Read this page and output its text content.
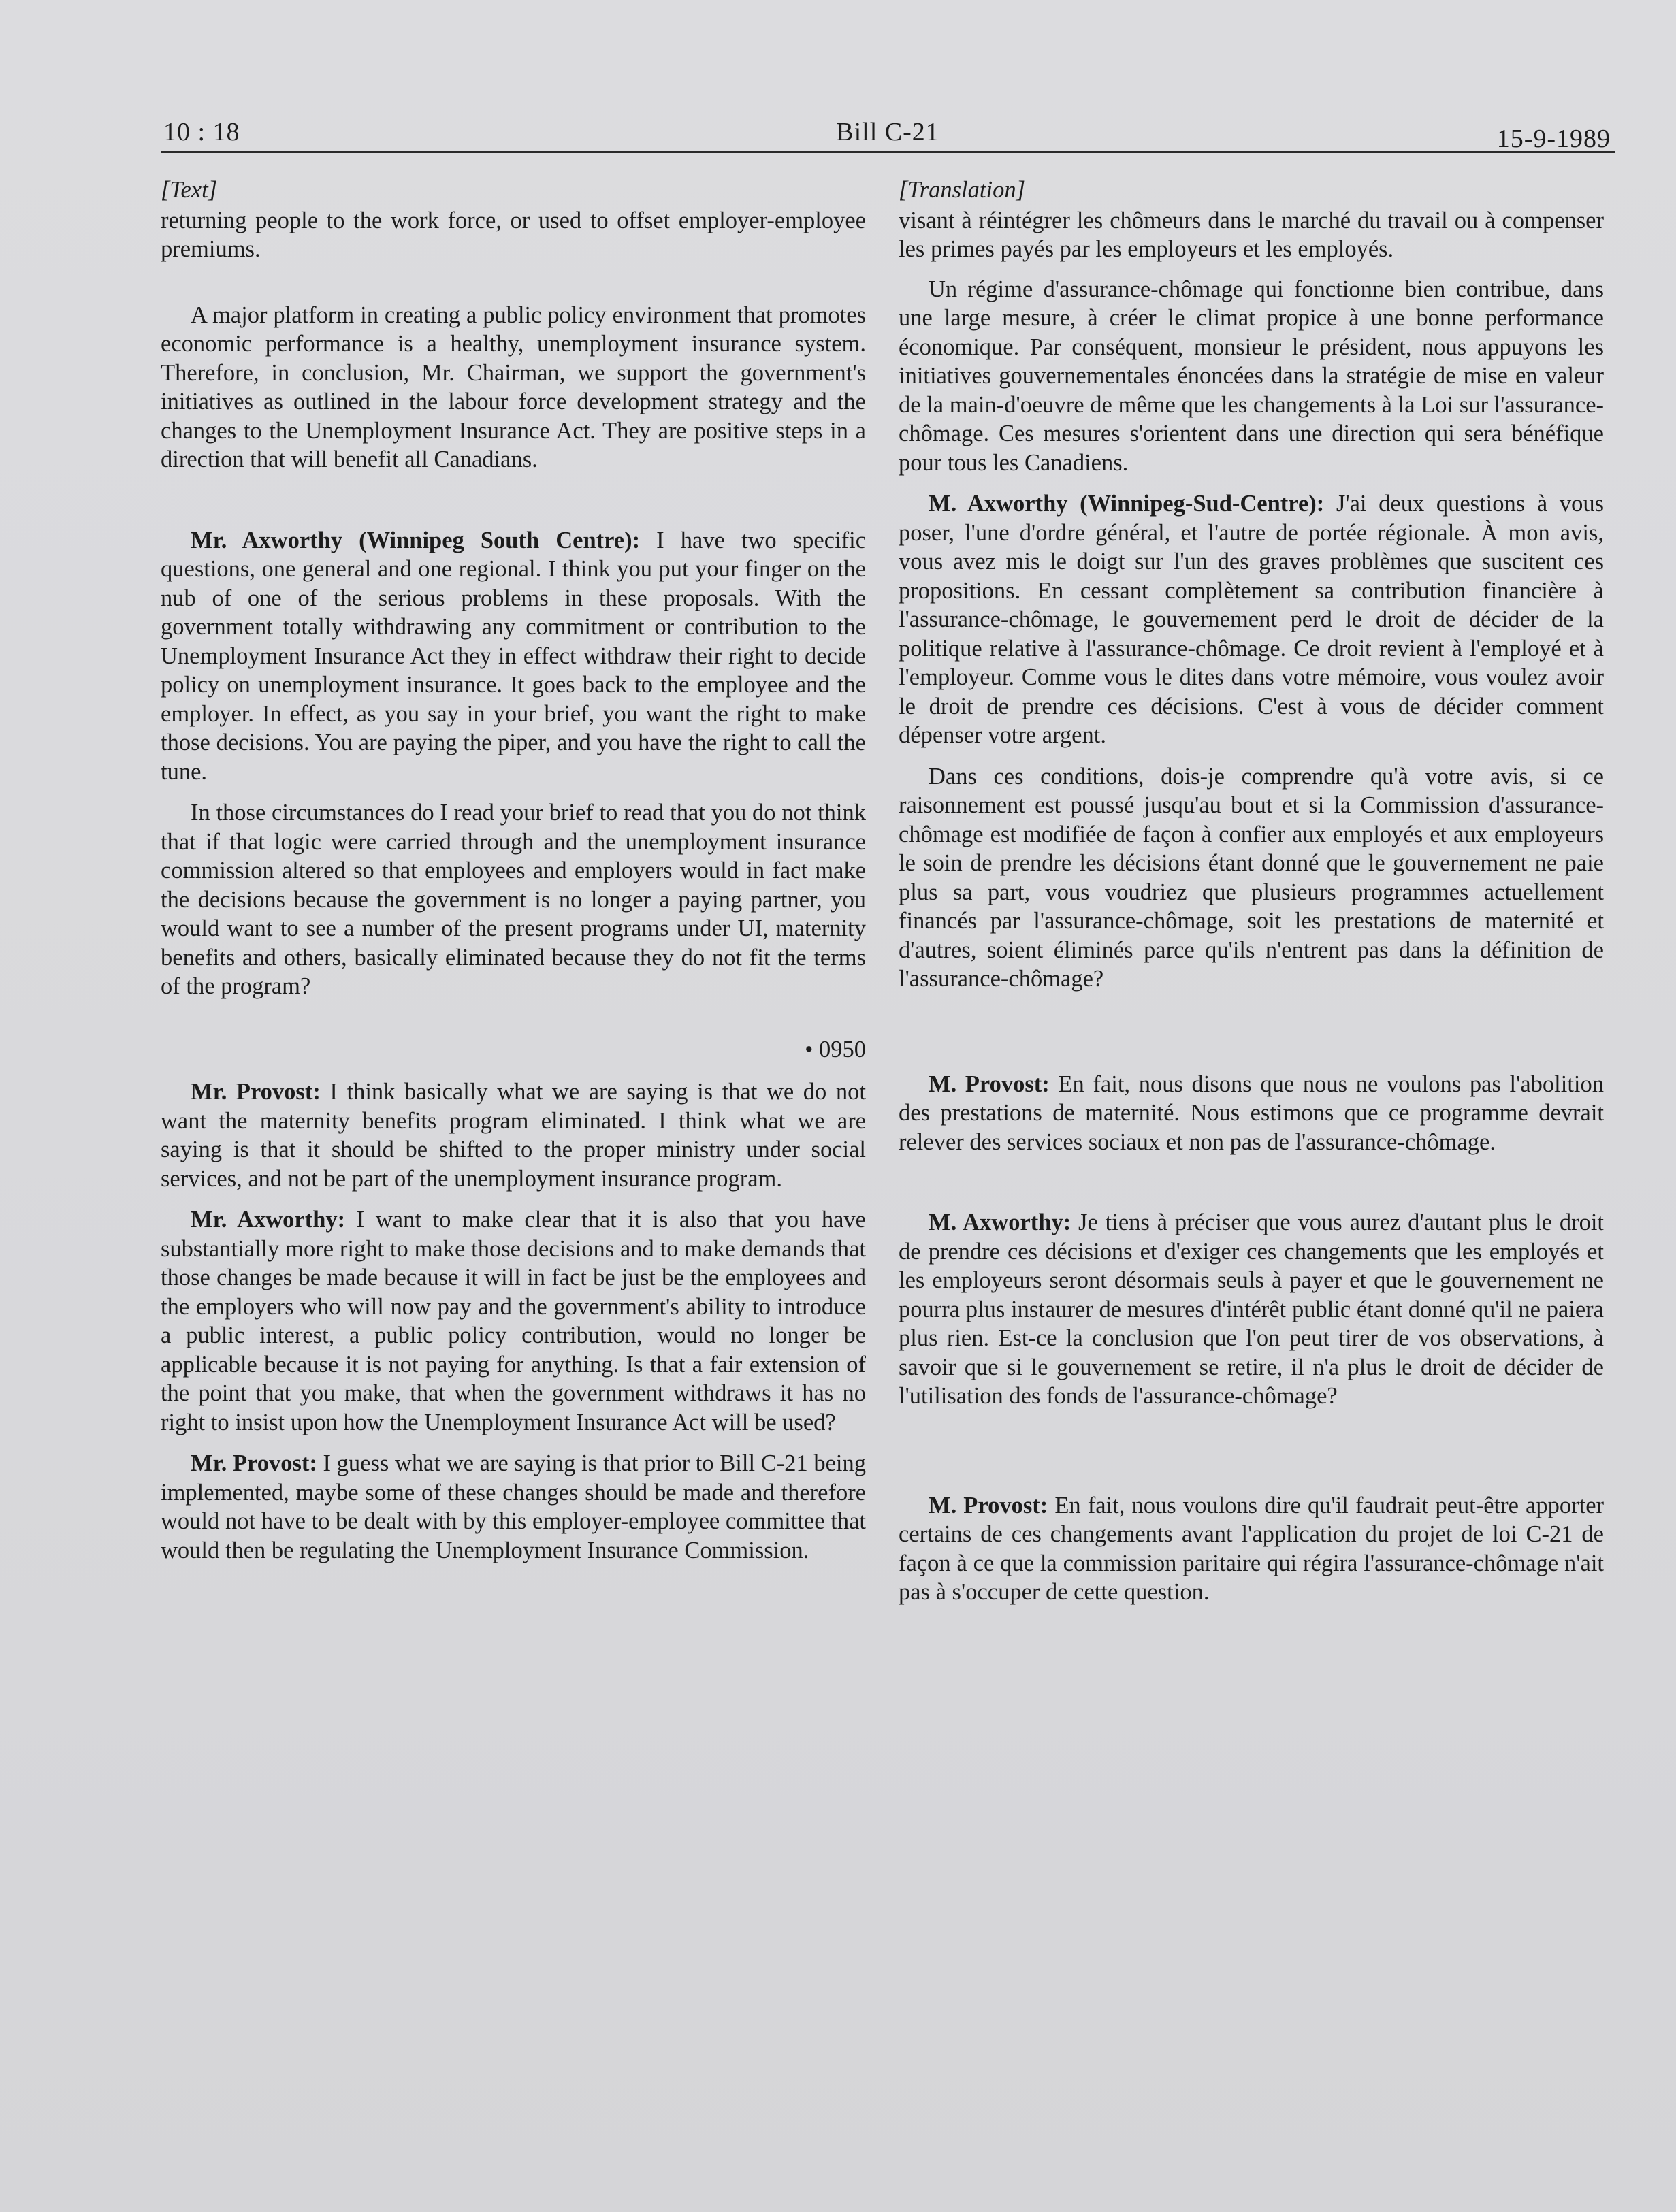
10 : 18	Bill C-21	15-9-1989

[Text]

returning people to the work force, or used to offset employer-employee premiums.

A major platform in creating a public policy environment that promotes economic performance is a healthy, unemployment insurance system. Therefore, in conclusion, Mr. Chairman, we support the government's initiatives as outlined in the labour force development strategy and the changes to the Unemployment Insurance Act. They are positive steps in a direction that will benefit all Canadians.

Mr. Axworthy (Winnipeg South Centre): I have two specific questions, one general and one regional. I think you put your finger on the nub of one of the serious problems in these proposals. With the government totally withdrawing any commitment or contribution to the Unemployment Insurance Act they in effect withdraw their right to decide policy on unemployment insurance. It goes back to the employee and the employer. In effect, as you say in your brief, you want the right to make those decisions. You are paying the piper, and you have the right to call the tune.

In those circumstances do I read your brief to read that you do not think that if that logic were carried through and the unemployment insurance commission altered so that employees and employers would in fact make the decisions because the government is no longer a paying partner, you would want to see a number of the present programs under UI, maternity benefits and others, basically eliminated because they do not fit the terms of the program?

• 0950

Mr. Provost: I think basically what we are saying is that we do not want the maternity benefits program eliminated. I think what we are saying is that it should be shifted to the proper ministry under social services, and not be part of the unemployment insurance program.

Mr. Axworthy: I want to make clear that it is also that you have substantially more right to make those decisions and to make demands that those changes be made because it will in fact be just be the employees and the employers who will now pay and the government's ability to introduce a public interest, a public policy contribution, would no longer be applicable because it is not paying for anything. Is that a fair extension of the point that you make, that when the government withdraws it has no right to insist upon how the Unemployment Insurance Act will be used?

Mr. Provost: I guess what we are saying is that prior to Bill C-21 being implemented, maybe some of these changes should be made and therefore would not have to be dealt with by this employer-employee committee that would then be regulating the Unemployment Insurance Commission.

[Translation]

visant à réintégrer les chômeurs dans le marché du travail ou à compenser les primes payés par les employeurs et les employés.

Un régime d'assurance-chômage qui fonctionne bien contribue, dans une large mesure, à créer le climat propice à une bonne performance économique. Par conséquent, monsieur le président, nous appuyons les initiatives gouvernementales énoncées dans la stratégie de mise en valeur de la main-d'oeuvre de même que les changements à la Loi sur l'assurance-chômage. Ces mesures s'orientent dans une direction qui sera bénéfique pour tous les Canadiens.

M. Axworthy (Winnipeg-Sud-Centre): J'ai deux questions à vous poser, l'une d'ordre général, et l'autre de portée régionale. À mon avis, vous avez mis le doigt sur l'un des graves problèmes que suscitent ces propositions. En cessant complètement sa contribution financière à l'assurance-chômage, le gouvernement perd le droit de décider de la politique relative à l'assurance-chômage. Ce droit revient à l'employé et à l'employeur. Comme vous le dites dans votre mémoire, vous voulez avoir le droit de prendre ces décisions. C'est à vous de décider comment dépenser votre argent.

Dans ces conditions, dois-je comprendre qu'à votre avis, si ce raisonnement est poussé jusqu'au bout et si la Commission d'assurance-chômage est modifiée de façon à confier aux employés et aux employeurs le soin de prendre les décisions étant donné que le gouvernement ne paie plus sa part, vous voudriez que plusieurs programmes actuellement financés par l'assurance-chômage, soit les prestations de maternité et d'autres, soient éliminés parce qu'ils n'entrent pas dans la définition de l'assurance-chômage?

M. Provost: En fait, nous disons que nous ne voulons pas l'abolition des prestations de maternité. Nous estimons que ce programme devrait relever des services sociaux et non pas de l'assurance-chômage.

M. Axworthy: Je tiens à préciser que vous aurez d'autant plus le droit de prendre ces décisions et d'exiger ces changements que les employés et les employeurs seront désormais seuls à payer et que le gouvernement ne pourra plus instaurer de mesures d'intérêt public étant donné qu'il ne paiera plus rien. Est-ce la conclusion que l'on peut tirer de vos observations, à savoir que si le gouvernement se retire, il n'a plus le droit de décider de l'utilisation des fonds de l'assurance-chômage?

M. Provost: En fait, nous voulons dire qu'il faudrait peut-être apporter certains de ces changements avant l'application du projet de loi C-21 de façon à ce que la commission paritaire qui régira l'assurance-chômage n'ait pas à s'occuper de cette question.
